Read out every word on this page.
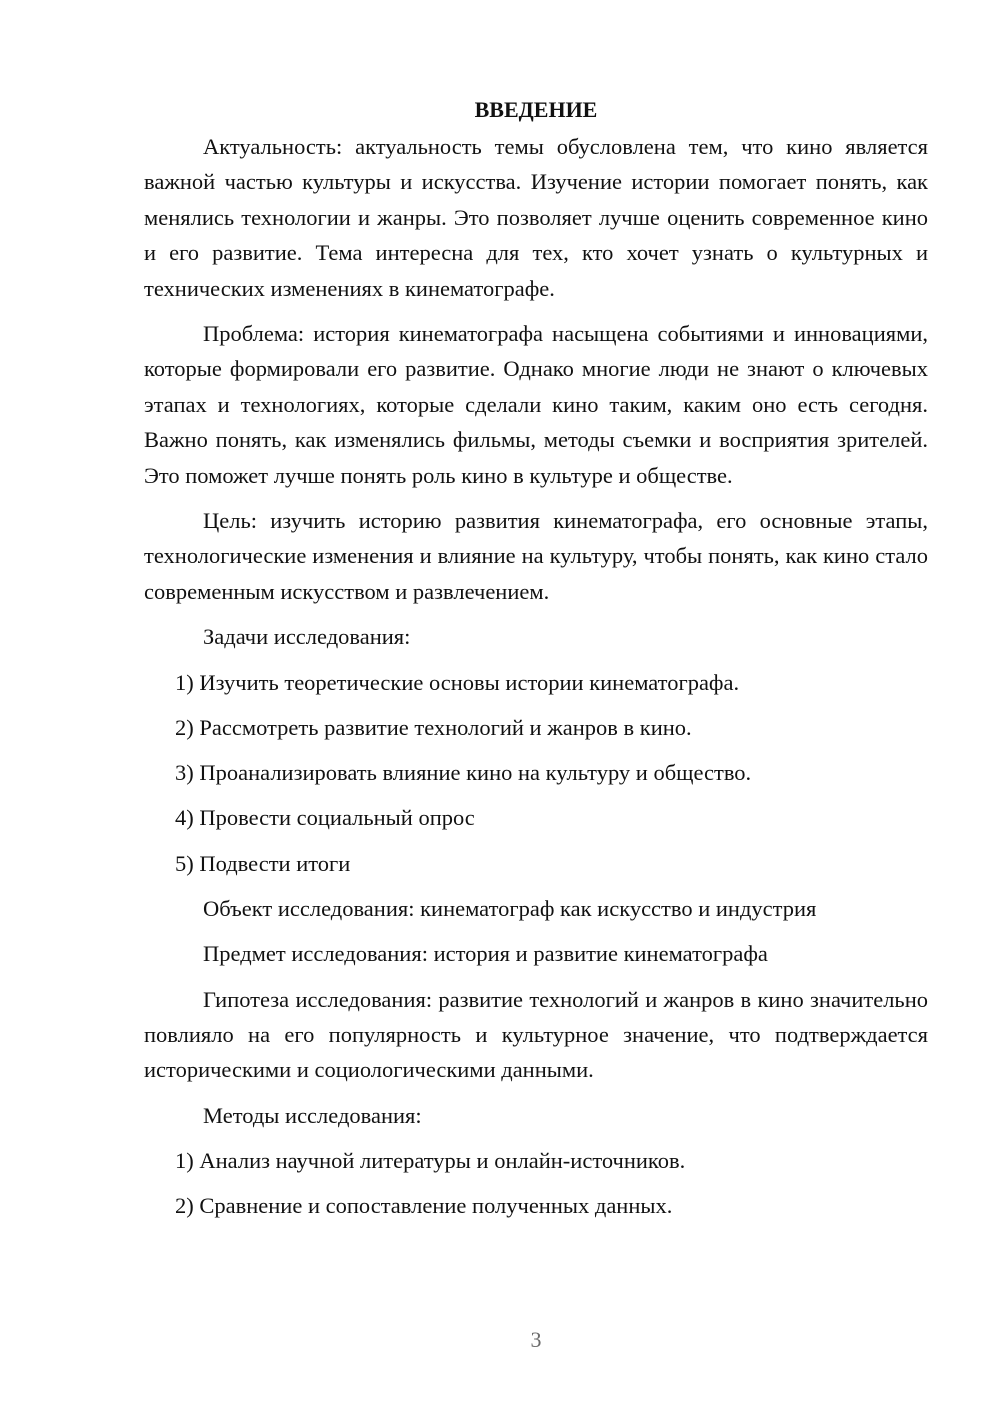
ВВЕДЕНИЕ

Актуальность: актуальность темы обусловлена тем, что кино является важной частью культуры и искусства. Изучение истории помогает понять, как менялись технологии и жанры. Это позволяет лучше оценить современное кино и его развитие. Тема интересна для тех, кто хочет узнать о культурных и технических изменениях в кинематографе.

Проблема: история кинематографа насыщена событиями и инновациями, которые формировали его развитие. Однако многие люди не знают о ключевых этапах и технологиях, которые сделали кино таким, каким оно есть сегодня. Важно понять, как изменялись фильмы, методы съемки и восприятия зрителей. Это поможет лучше понять роль кино в культуре и обществе.

Цель: изучить историю развития кинематографа, его основные этапы, технологические изменения и влияние на культуру, чтобы понять, как кино стало современным искусством и развлечением.

Задачи исследования:
1) Изучить теоретические основы истории кинематографа.
2) Рассмотреть развитие технологий и жанров в кино.
3) Проанализировать влияние кино на культуру и общество.
4) Провести социальный опрос
5) Подвести итоги
Объект исследования: кинематограф как искусство и индустрия
Предмет исследования: история и развитие кинематографа

Гипотеза исследования: развитие технологий и жанров в кино значительно повлияло на его популярность и культурное значение, что подтверждается историческими и социологическими данными.

Методы исследования:
1) Анализ научной литературы и онлайн-источников.
2) Сравнение и сопоставление полученных данных.
3
